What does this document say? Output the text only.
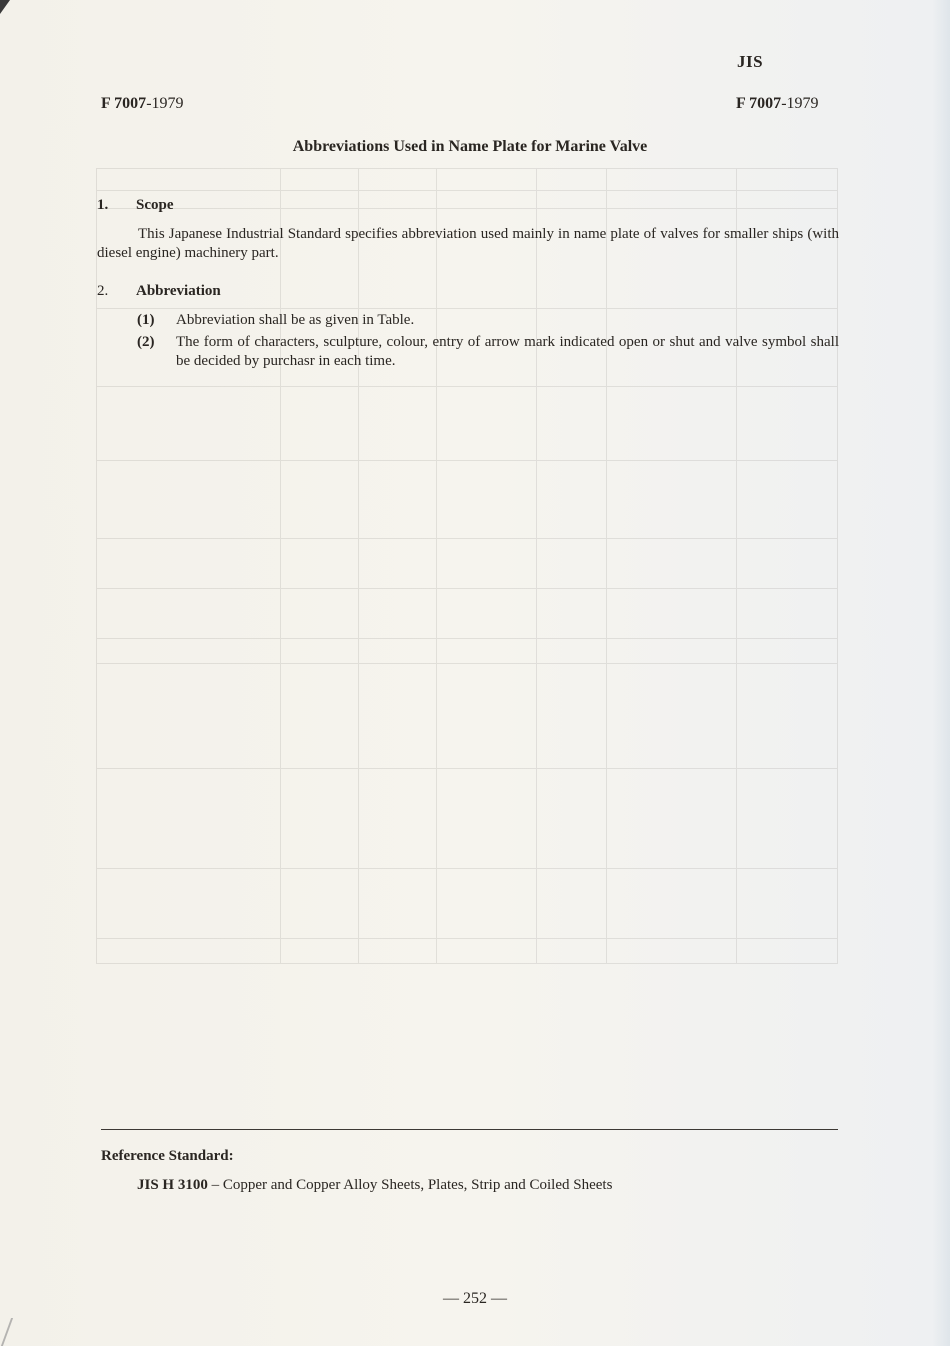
JIS
F 7007-1979	F 7007-1979
Abbreviations Used in Name Plate for Marine Valve
1. Scope
This Japanese Industrial Standard specifies abbreviation used mainly in name plate of valves for smaller ships (with diesel engine) machinery part.
2. Abbreviation
(1) Abbreviation shall be as given in Table.
(2) The form of characters, sculpture, colour, entry of arrow mark indicated open or shut and valve symbol shall be decided by purchasr in each time.
Reference Standard:
JIS H 3100 – Copper and Copper Alloy Sheets, Plates, Strip and Coiled Sheets
— 252 —
